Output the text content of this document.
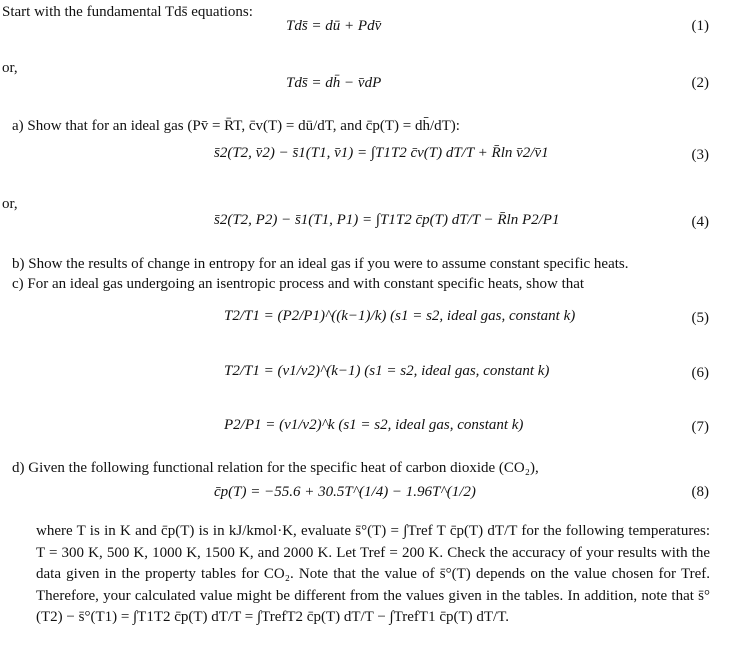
Start with the fundamental Tds̄ equations:
Tds̄ = dū + Pdv̄	(1)
or,
Tds̄ = dh̄ − v̄dP	(2)
a) Show that for an ideal gas (Pv̄ = R̄T, c̄v(T) = dū/dT, and c̄p(T) = dh̄/dT):
s̄2(T2, v̄2) − s̄1(T1, v̄1) = ∫T1T2 c̄v(T) dT/T + R̄ln v̄2/v̄1	(3)
or,
s̄2(T2, P2) − s̄1(T1, P1) = ∫T1T2 c̄p(T) dT/T − R̄ln P2/P1	(4)
b) Show the results of change in entropy for an ideal gas if you were to assume constant specific heats.
c) For an ideal gas undergoing an isentropic process and with constant specific heats, show that
T2/T1 = (P2/P1)^((k−1)/k) (s1 = s2, ideal gas, constant k)	(5)
T2/T1 = (v1/v2)^(k−1) (s1 = s2, ideal gas, constant k)	(6)
P2/P1 = (v1/v2)^k (s1 = s2, ideal gas, constant k)	(7)
d) Given the following functional relation for the specific heat of carbon dioxide (CO₂),
c̄p(T) = −55.6 + 30.5T^(1/4) − 1.96T^(1/2)	(8)
where T is in K and c̄p(T) is in kJ/kmol·K, evaluate s̄°(T) = ∫Tref T c̄p(T) dT/T for the following temperatures: T = 300 K, 500 K, 1000 K, 1500 K, and 2000 K. Let Tref = 200 K. Check the accuracy of your results with the data given in the property tables for CO₂. Note that the value of s̄°(T) depends on the value chosen for Tref. Therefore, your calculated value might be different from the values given in the tables. In addition, note that s̄°(T2) − s̄°(T1) = ∫T1T2 c̄p(T) dT/T = ∫TrefT2 c̄p(T) dT/T − ∫TrefT1 c̄p(T) dT/T.
